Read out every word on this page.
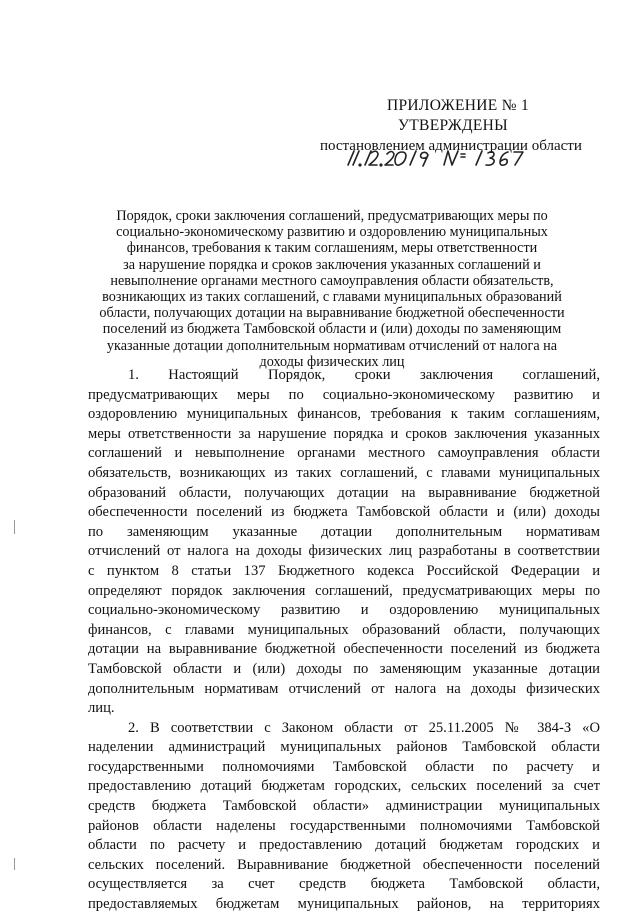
ПРИЛОЖЕНИЕ № 1
УТВЕРЖДЕНЫ
постановлением администрации области
Порядок, сроки заключения соглашений, предусматривающих меры по
социально-экономическому развитию и оздоровлению муниципальных
финансов, требования к таким соглашениям, меры ответственности
за нарушение порядка и сроков заключения указанных соглашений и
невыполнение органами местного самоуправления области обязательств,
возникающих из таких соглашений, с главами муниципальных образований
области, получающих дотации на выравнивание бюджетной обеспеченности
поселений из бюджета Тамбовской области и (или) доходы по заменяющим
указанные дотации дополнительным нормативам отчислений от налога на
доходы физических лиц
1. Настоящий Порядок, сроки заключения соглашений,
предусматривающих меры по социально-экономическому развитию и
оздоровлению муниципальных финансов, требования к таким соглашениям,
меры ответственности за нарушение порядка и сроков заключения указанных
соглашений и невыполнение органами местного самоуправления области
обязательств, возникающих из таких соглашений, с главами муниципальных
образований области, получающих дотации на выравнивание бюджетной
обеспеченности поселений из бюджета Тамбовской области и (или) доходы
по заменяющим указанные дотации дополнительным нормативам
отчислений от налога на доходы физических лиц разработаны в соответствии
с пунктом 8 статьи 137 Бюджетного кодекса Российской Федерации и
определяют порядок заключения соглашений, предусматривающих меры по
социально-экономическому развитию и оздоровлению муниципальных
финансов, с главами муниципальных образований области, получающих
дотации на выравнивание бюджетной обеспеченности поселений из бюджета
Тамбовской области и (или) доходы по заменяющим указанные дотации
дополнительным нормативам отчислений от налога на доходы физических
лиц.
2. В соответствии с Законом области от 25.11.2005 № 384-З «О
наделении администраций муниципальных районов Тамбовской области
государственными полномочиями Тамбовской области по расчету и
предоставлению дотаций бюджетам городских, сельских поселений за счет
средств бюджета Тамбовской области» администрации муниципальных
районов области наделены государственными полномочиями Тамбовской
области по расчету и предоставлению дотаций бюджетам городских и
сельских поселений. Выравнивание бюджетной обеспеченности поселений
осуществляется за счет средств бюджета Тамбовской области,
предоставляемых бюджетам муниципальных районов, на территориях
